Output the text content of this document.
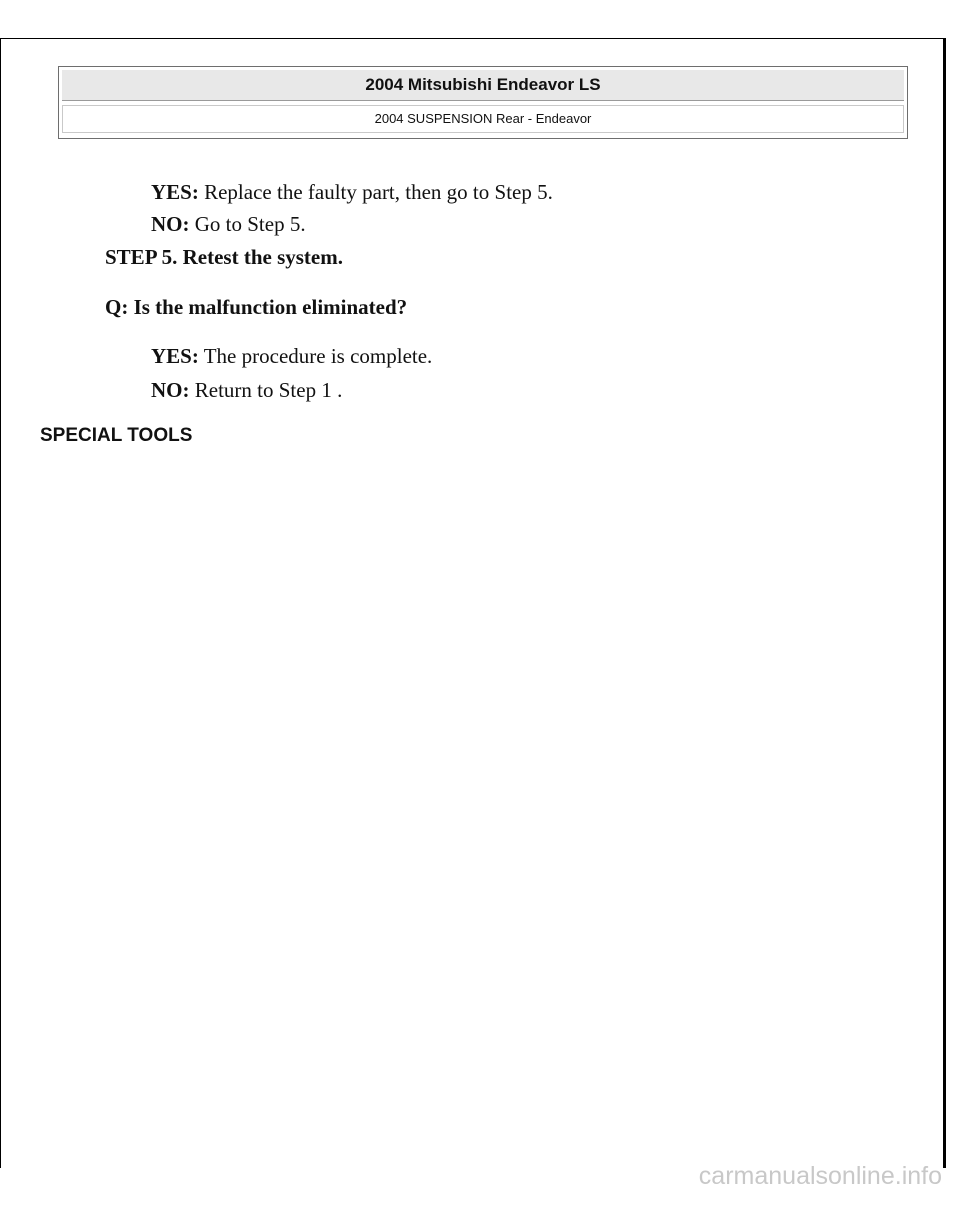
2004 Mitsubishi Endeavor LS
2004 SUSPENSION Rear - Endeavor
YES: Replace the faulty part, then go to Step 5.
NO: Go to Step 5.
STEP 5. Retest the system.
Q: Is the malfunction eliminated?
YES: The procedure is complete.
NO: Return to Step 1 .
SPECIAL TOOLS
carmanualsonline.info
